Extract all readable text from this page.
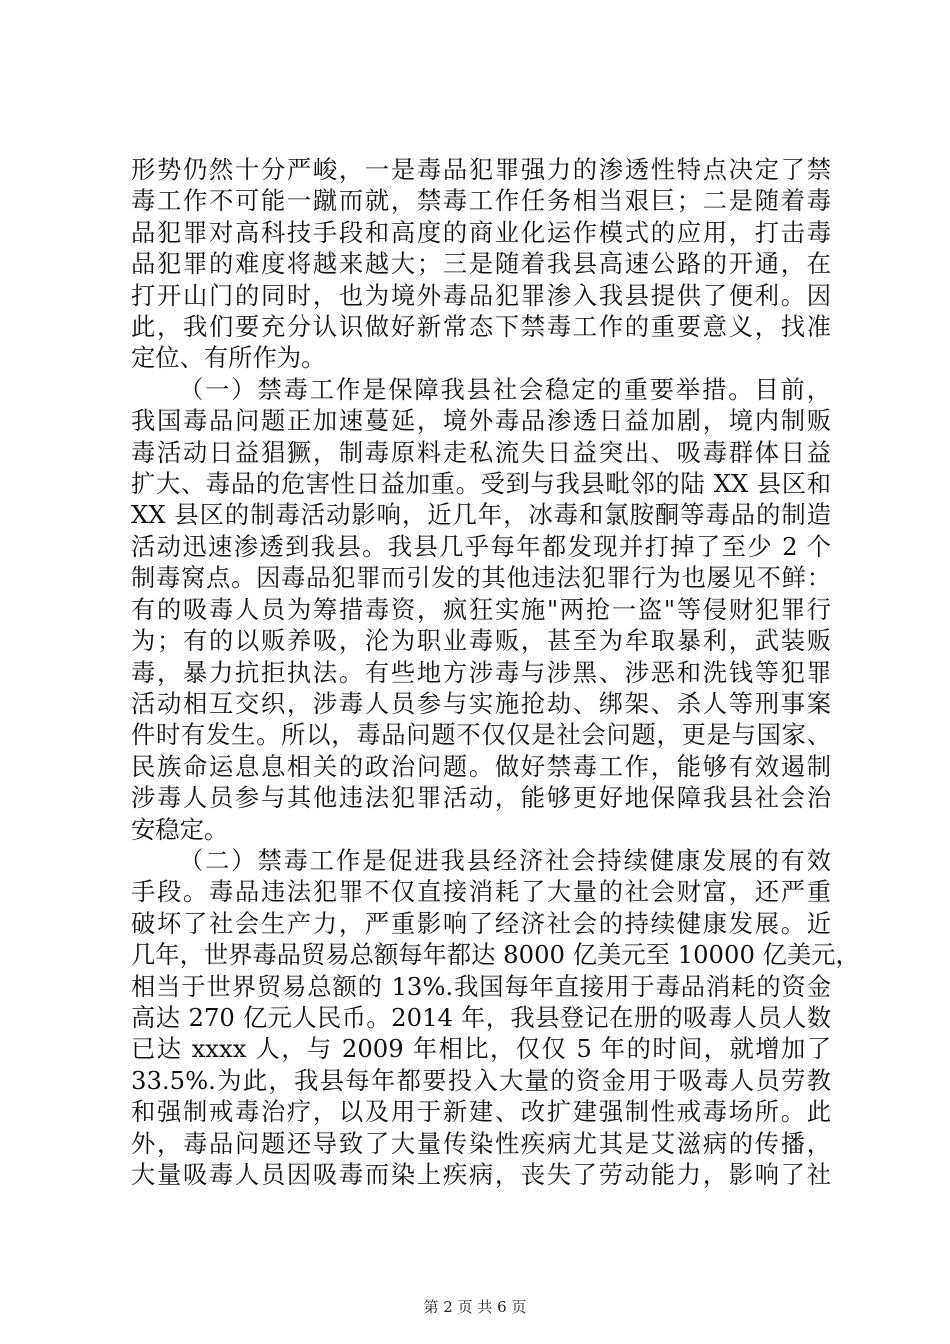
形势仍然十分严峻，一是毒品犯罪强力的渗透性特点决定了禁
毒工作不可能一蹴而就，禁毒工作任务相当艰巨；二是随着毒
品犯罪对高科技手段和高度的商业化运作模式的应用，打击毒
品犯罪的难度将越来越大；三是随着我县高速公路的开通，在
打开山门的同时，也为境外毒品犯罪渗入我县提供了便利。因
此，我们要充分认识做好新常态下禁毒工作的重要意义，找准
定位、有所作为。

（一）禁毒工作是保障我县社会稳定的重要举措。目前，
我国毒品问题正加速蔓延，境外毒品渗透日益加剧，境内制贩
毒活动日益猖獗，制毒原料走私流失日益突出、吸毒群体日益
扩大、毒品的危害性日益加重。受到与我县毗邻的陆 XX 县区和
XX 县区的制毒活动影响，近几年，冰毒和氯胺酮等毒品的制造
活动迅速渗透到我县。我县几乎每年都发现并打掉了至少 2 个
制毒窝点。因毒品犯罪而引发的其他违法犯罪行为也屡见不鲜：
有的吸毒人员为筹措毒资，疯狂实施"两抢一盗"等侵财犯罪行
为；有的以贩养吸，沦为职业毒贩，甚至为牟取暴利，武装贩
毒，暴力抗拒执法。有些地方涉毒与涉黑、涉恶和洗钱等犯罪
活动相互交织，涉毒人员参与实施抢劫、绑架、杀人等刑事案
件时有发生。所以，毒品问题不仅仅是社会问题，更是与国家、
民族命运息息相关的政治问题。做好禁毒工作，能够有效遏制
涉毒人员参与其他违法犯罪活动，能够更好地保障我县社会治
安稳定。

（二）禁毒工作是促进我县经济社会持续健康发展的有效
手段。毒品违法犯罪不仅直接消耗了大量的社会财富，还严重
破坏了社会生产力，严重影响了经济社会的持续健康发展。近
几年，世界毒品贸易总额每年都达 8000 亿美元至 10000 亿美元，
相当于世界贸易总额的 13%.我国每年直接用于毒品消耗的资金
高达 270 亿元人民币。2014 年，我县登记在册的吸毒人员人数
已达 xxxx 人，与 2009 年相比，仅仅 5 年的时间，就增加了
33.5%.为此，我县每年都要投入大量的资金用于吸毒人员劳教
和强制戒毒治疗，以及用于新建、改扩建强制性戒毒场所。此
外，毒品问题还导致了大量传染性疾病尤其是艾滋病的传播，
大量吸毒人员因吸毒而染上疾病，丧失了劳动能力，影响了社

第 2 页 共 6 页
